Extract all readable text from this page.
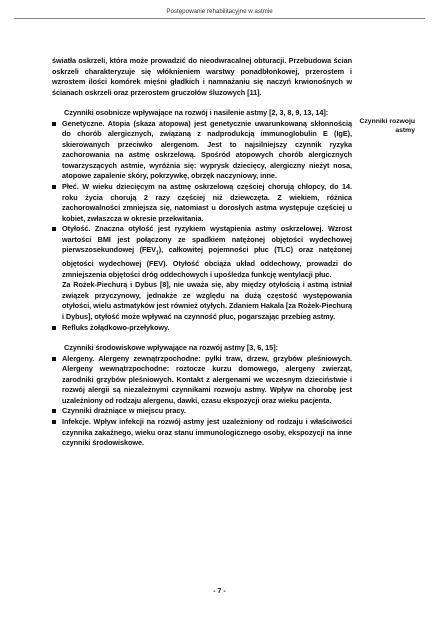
Postępowanie rehabilitacyjne w astmie

światła oskrzeli, która może prowadzić do nieodwracalnej obturacji. Przebudowa ścian oskrzeli charakteryzuje się włóknieniem warstwy ponadbłonkowej, przerostem i wzrostem ilości komórek mięśni gładkich i namnażaniu się naczyń krwionośnych w ścianach oskrzeli oraz przerostem gruczołów śluzowych [11].

Czynniki osobnicze wpływające na rozwój i nasilenie astmy [2, 3, 8, 9, 13, 14]:

Genetyczne. Atopia (skaza atopowa) jest genetycznie uwarunkowaną skłonnością do chorób alergicznych, związaną z nadprodukcją immunoglobulin E (IgE), skierowanych przeciwko alergenom. Jest to najsilniejszy czynnik ryzyka zachorowania na astmę oskrzelową. Spośród atopowych chorób alergicznych towarzyszących astmie, wyróżnia się: wyprysk dziecięcy, alergiczny nieżyt nosa, atopowe zapalenie skóry, pokrzywkę, obrzęk naczyniowy, inne.
Płeć. W wieku dziecięcym na astmę oskrzelową częściej chorują chłopcy, do 14. roku życia chorują 2 razy częściej niż dziewczęta. Z wiekiem, różnica zachorowalności zmniejsza się, natomiast u dorosłych astma występuje częściej u kobiet, zwłaszcza w okresie przekwitania.
Otyłość. Znaczna otyłość jest ryzykiem wystąpienia astmy oskrzelowej. Wzrost wartości BMI jest połączony ze spadkiem natężonej objętości wydechowej pierwszosekundowej $(FEV_1)$, całkowitej pojemności płuc (TLC) oraz natężonej objętości wydechowej (FEV). Otyłość obciąża układ oddechowy, prowadzi do zmniejszenia objętości dróg oddechowych i upośledza funkcję wentylacji płuc.
Za Rożek-Piechurą i Dybus [8], nie uważa się, aby między otyłością i astmą istniał związek przyczynowy, jednakże ze względu na dużą częstość występowania otyłości, wielu astmatyków jest również otyłych. Zdaniem Hakala [za Rożek-Piechurą i Dybus], otyłość może wpływać na czynność płuc, pogarszając przebieg astmy.
Refluks żołądkowo-przełykowy.

Czynniki środowiskowe wpływające na rozwój astmy [3, 6, 15]:

Alergeny. Alergeny zewnątrzpochodne: pyłki traw, drzew, grzybów pleśniowych. Alergeny wewnątrzpochodne: roztocze kurzu domowego, alergeny zwierząt, zarodniki grzybów pleśniowych. Kontakt z alergenami we wczesnym dzieciństwie i rozwój alergii są niezależnymi czynnikami rozwoju astmy. Wpływ na chorobę jest uzależniony od rodzaju alergenu, dawki, czasu ekspozycji oraz wieku pacjenta.
Czynniki drażniące w miejscu pracy.
Infekcje. Wpływ infekcji na rozwój astmy jest uzależniony od rodzaju i właściwości czynnika zakaźnego, wieku oraz stanu immunologicznego osoby, ekspozycji na inne czynniki środowiskowe.
Czynniki rozwoju astmy
- 7 -
